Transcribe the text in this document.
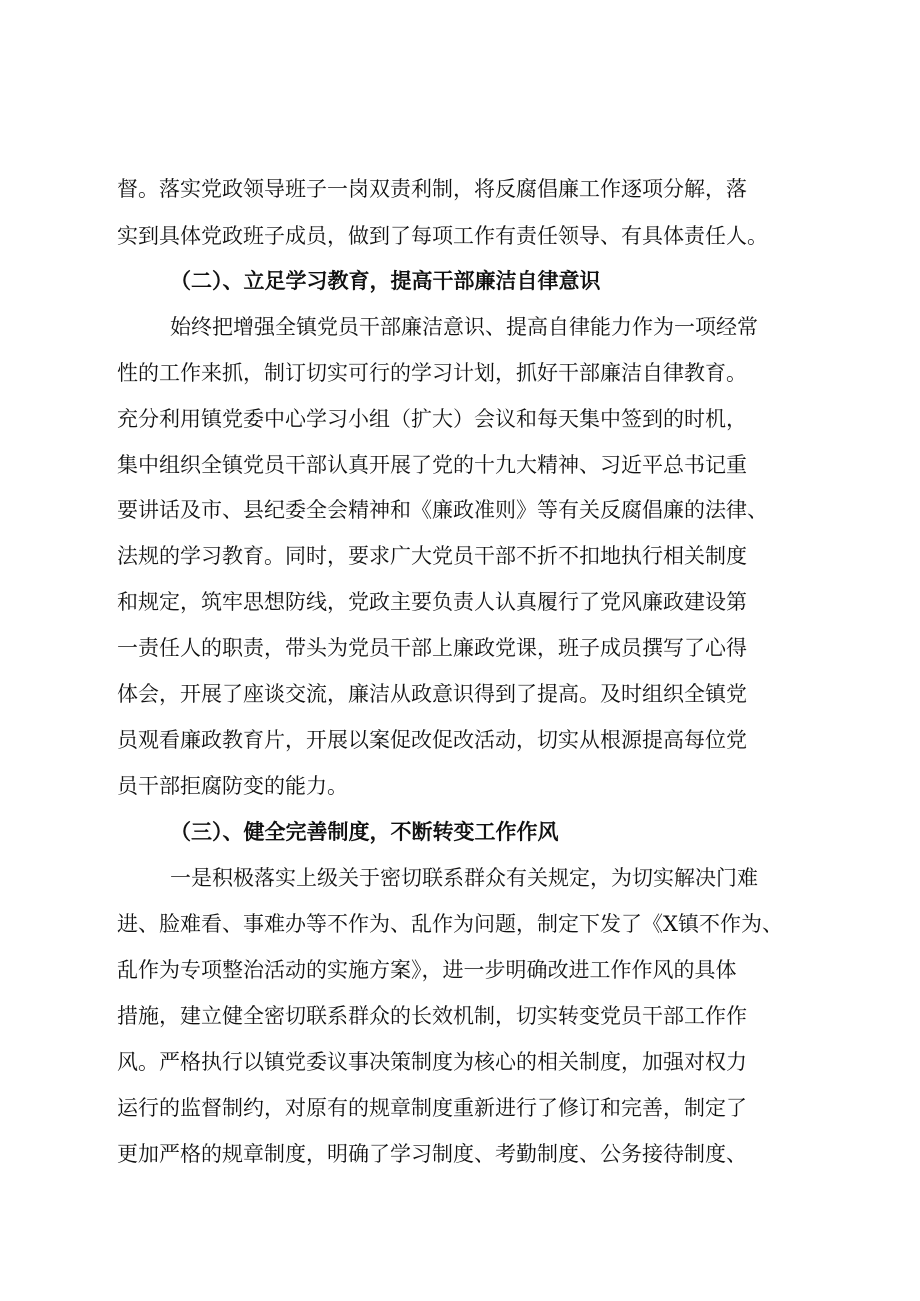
督。落实党政领导班子一岗双责利制，将反腐倡廉工作逐项分解，落
实到具体党政班子成员，做到了每项工作有责任领导、有具体责任人。
（二）、立足学习教育，提高干部廉洁自律意识
始终把增强全镇党员干部廉洁意识、提高自律能力作为一项经常
性的工作来抓，制订切实可行的学习计划，抓好干部廉洁自律教育。
充分利用镇党委中心学习小组（扩大）会议和每天集中签到的时机，
集中组织全镇党员干部认真开展了党的十九大精神、习近平总书记重
要讲话及市、县纪委全会精神和《廉政准则》等有关反腐倡廉的法律、
法规的学习教育。同时，要求广大党员干部不折不扣地执行相关制度
和规定，筑牢思想防线，党政主要负责人认真履行了党风廉政建设第
一责任人的职责，带头为党员干部上廉政党课，班子成员撰写了心得
体会，开展了座谈交流，廉洁从政意识得到了提高。及时组织全镇党
员观看廉政教育片，开展以案促改促改活动，切实从根源提高每位党
员干部拒腐防变的能力。
（三）、健全完善制度，不断转变工作作风
一是积极落实上级关于密切联系群众有关规定，为切实解决门难
进、脸难看、事难办等不作为、乱作为问题，制定下发了《X镇不作为、
乱作为专项整治活动的实施方案》，进一步明确改进工作作风的具体
措施，建立健全密切联系群众的长效机制，切实转变党员干部工作作
风。严格执行以镇党委议事决策制度为核心的相关制度，加强对权力
运行的监督制约，对原有的规章制度重新进行了修订和完善，制定了
更加严格的规章制度，明确了学习制度、考勤制度、公务接待制度、
